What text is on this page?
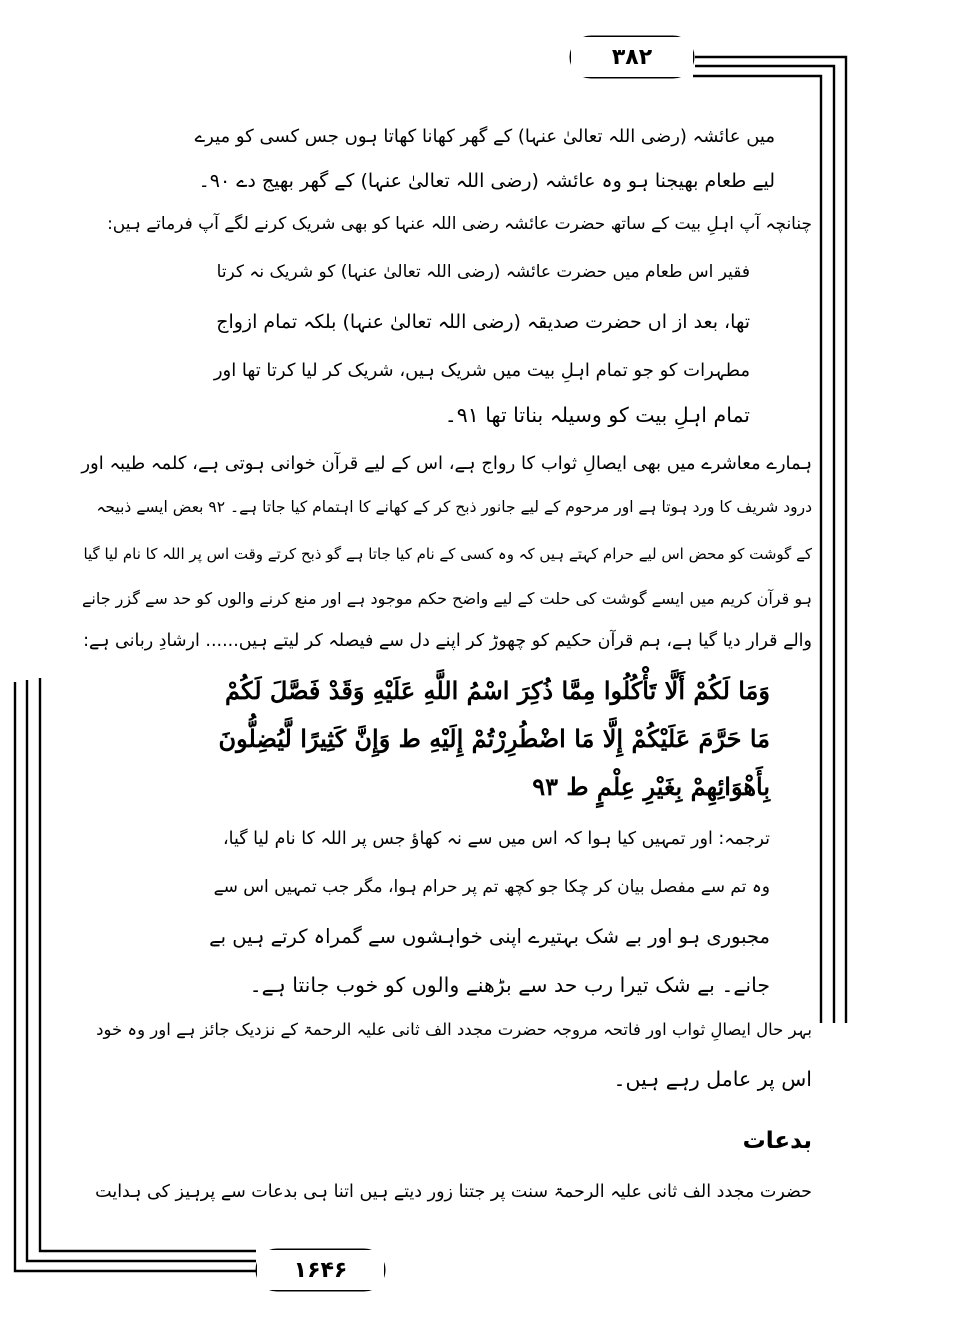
۳۸۲
۱۶۴۶
میں عائشہ (رضی اللہ تعالیٰ عنہا) کے گھر کھانا کھاتا ہوں جس کسی کو میرے
لیے طعام بھیجنا ہو وہ عائشہ (رضی اللہ تعالیٰ عنہا) کے گھر بھیج دے ۹۰۔
چنانچہ آپ اہلِ بیت کے ساتھ حضرت عائشہ رضی اللہ عنہا کو بھی شریک کرنے لگے آپ فرماتے ہیں:
فقیر اس طعام میں حضرت عائشہ (رضی اللہ تعالیٰ عنہا) کو شریک نہ کرتا
تھا، بعد از اں حضرت صدیقہ (رضی اللہ تعالیٰ عنہا) بلکہ تمام ازواج
مطہرات کو جو تمام اہلِ بیت میں شریک ہیں، شریک کر لیا کرتا تھا اور
تمام اہلِ بیت کو وسیلہ بناتا تھا ۹۱۔
ہمارے معاشرے میں بھی ایصالِ ثواب کا رواج ہے، اس کے لیے قرآن خوانی ہوتی ہے، کلمہ طیبہ اور
درود شریف کا ورد ہوتا ہے اور مرحوم کے لیے جانور ذبح کر کے کھانے کا اہتمام کیا جاتا ہے۔ ۹۲ بعض ایسے ذبیحہ
کے گوشت کو محض اس لیے حرام کہتے ہیں کہ وہ کسی کے نام کیا جاتا ہے گو ذبح کرتے وقت اس پر اللہ کا نام لیا گیا
ہو قرآن کریم میں ایسے گوشت کی حلت کے لیے واضح حکم موجود ہے اور منع کرنے والوں کو حد سے گزر جانے
والے قرار دیا گیا ہے، ہم قرآن حکیم کو چھوڑ کر اپنے دل سے فیصلہ کر لیتے ہیں...... ارشادِ ربانی ہے:
وَمَا لَكُمْ أَلَّا تَأْكُلُوا مِمَّا ذُكِرَ اسْمُ اللَّهِ عَلَيْهِ وَقَدْ فَصَّلَ لَكُمْ
مَا حَرَّمَ عَلَيْكُمْ إِلَّا مَا اضْطُرِرْتُمْ إِلَيْهِ ط وَإِنَّ كَثِيرًا لَّيُضِلُّونَ
بِأَهْوَائِهِمْ بِغَيْرِ عِلْمٍ ط ۹۳
ترجمہ: اور تمہیں کیا ہوا کہ اس میں سے نہ کھاؤ جس پر اللہ کا نام لیا گیا،
وہ تم سے مفصل بیان کر چکا جو کچھ تم پر حرام ہوا، مگر جب تمہیں اس سے
مجبوری ہو اور بے شک بہتیرے اپنی خواہشوں سے گمراہ کرتے ہیں بے
جانے۔ بے شک تیرا رب حد سے بڑھنے والوں کو خوب جانتا ہے۔
بہر حال ایصالِ ثواب اور فاتحہ مروجہ حضرت مجدد الف ثانی علیہ الرحمۃ کے نزدیک جائز ہے اور وہ خود
اس پر عامل رہے ہیں۔
بدعات
حضرت مجدد الف ثانی علیہ الرحمۃ سنت پر جتنا زور دیتے ہیں اتنا ہی بدعات سے پرہیز کی ہدایت
